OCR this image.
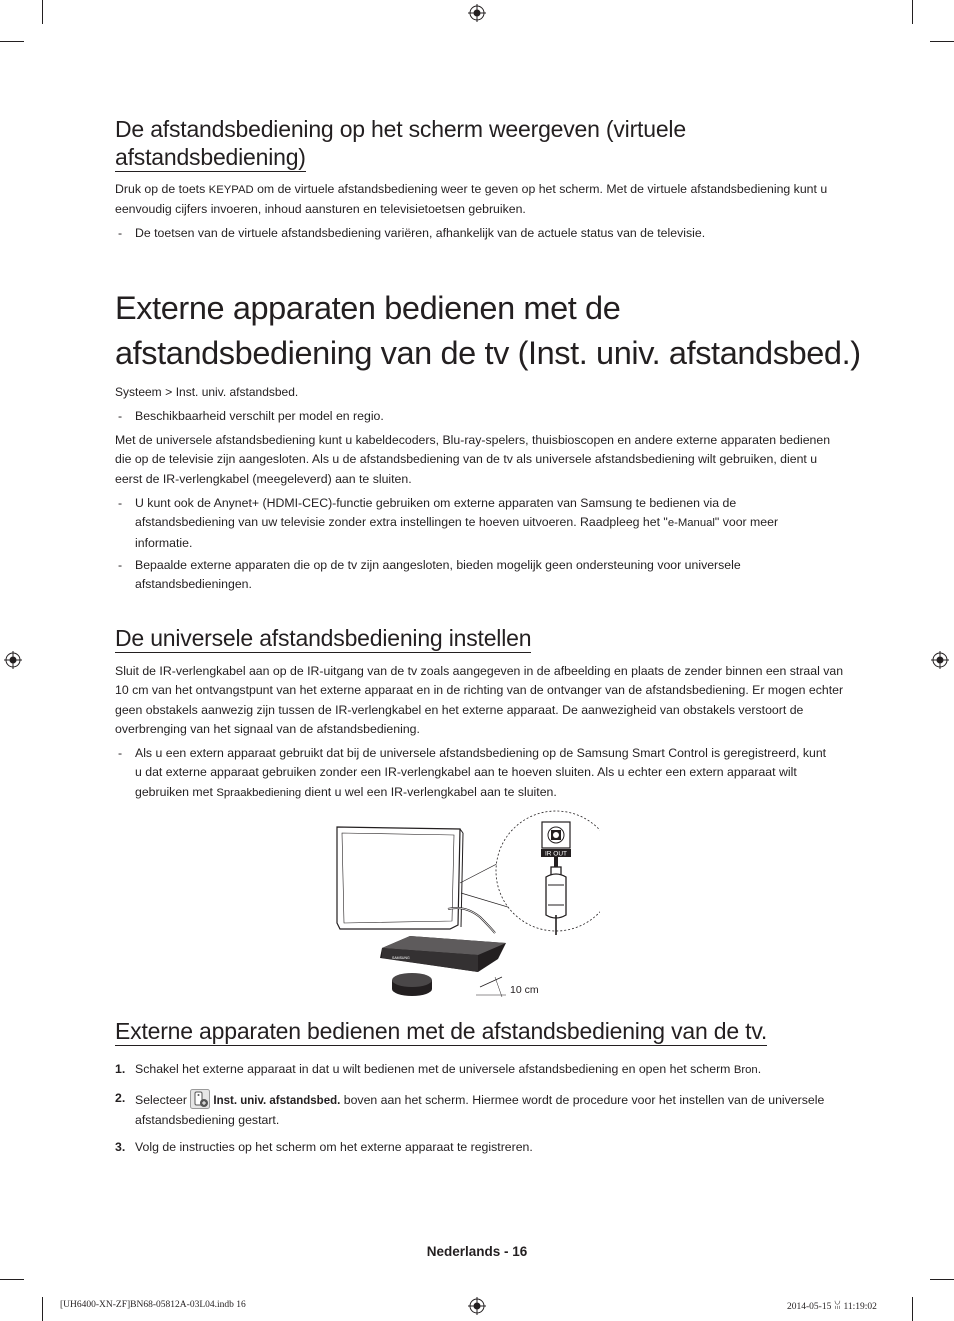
De afstandsbediening op het scherm weergeven (virtuele
afstandsbediening)

Druk op de toets KEYPAD om de virtuele afstandsbediening weer te geven op het scherm. Met de virtuele afstandsbediening kunt u eenvoudig cijfers invoeren, inhoud aansturen en televisietoetsen gebruiken.

- De toetsen van de virtuele afstandsbediening variëren, afhankelijk van de actuele status van de televisie.

Externe apparaten bedienen met de
afstandsbediening van de tv (Inst. univ. afstandsbed.)

Systeem > Inst. univ. afstandsbed.

- Beschikbaarheid verschilt per model en regio.

Met de universele afstandsbediening kunt u kabeldecoders, Blu-ray-spelers, thuisbioscopen en andere externe apparaten bedienen die op de televisie zijn aangesloten. Als u de afstandsbediening van de tv als universele afstandsbediening wilt gebruiken, dient u eerst de IR-verlengkabel (meegeleverd) aan te sluiten.

- U kunt ook de Anynet+ (HDMI-CEC)-functie gebruiken om externe apparaten van Samsung te bedienen via de afstandsbediening van uw televisie zonder extra instellingen te hoeven uitvoeren. Raadpleeg het "e-Manual" voor meer informatie.

- Bepaalde externe apparaten die op de tv zijn aangesloten, bieden mogelijk geen ondersteuning voor universele afstandsbedieningen.

De universele afstandsbediening instellen

Sluit de IR-verlengkabel aan op de IR-uitgang van de tv zoals aangegeven in de afbeelding en plaats de zender binnen een straal van 10 cm van het ontvangstpunt van het externe apparaat en in de richting van de ontvanger van de afstandsbediening. Er mogen echter geen obstakels aanwezig zijn tussen de IR-verlengkabel en het externe apparaat. De aanwezigheid van obstakels verstoort de overbrenging van het signaal van de afstandsbediening.

- Als u een extern apparaat gebruikt dat bij de universele afstandsbediening op de Samsung Smart Control is geregistreerd, kunt u dat externe apparaat gebruiken zonder een IR-verlengkabel aan te hoeven sluiten. Als u echter een extern apparaat wilt gebruiken met Spraakbediening dient u wel een IR-verlengkabel aan te sluiten.

SAMSUNG
10 cm
IR OUT
Externe apparaten bedienen met de afstandsbediening van de tv.

1. Schakel het externe apparaat in dat u wilt bedienen met de universele afstandsbediening en open het scherm Bron.

2. Selecteer Inst. univ. afstandsbed. boven aan het scherm. Hiermee wordt de procedure voor het instellen van de universele afstandsbediening gestart.

3. Volg de instructies op het scherm om het externe apparaat te registreren.

Nederlands - 16
[UH6400-XN-ZF]BN68-05812A-03L04.indb 16	2014-05-15 ꈍ 11:19:02
